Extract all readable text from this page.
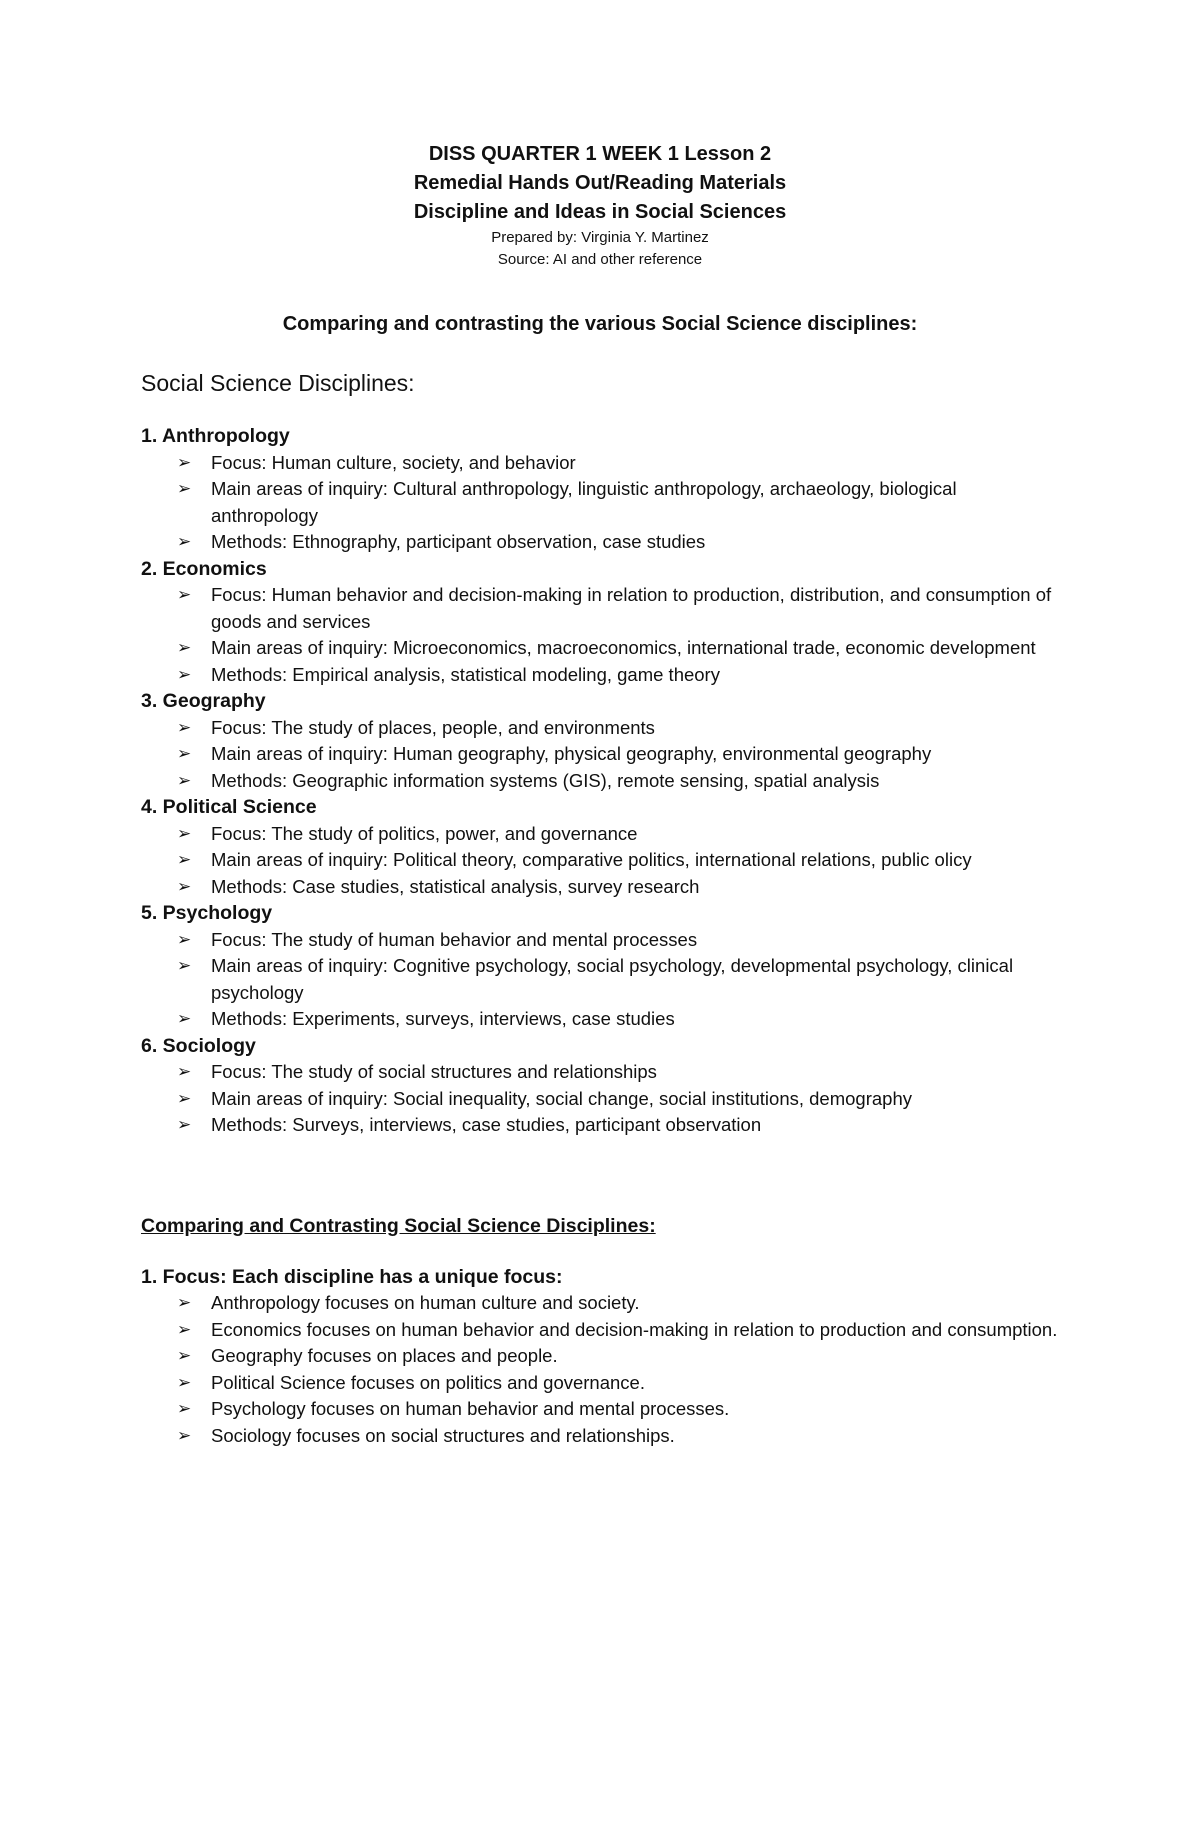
DISS QUARTER 1 WEEK 1 Lesson 2
Remedial Hands Out/Reading Materials
Discipline and Ideas in Social Sciences
Prepared by: Virginia Y. Martinez
Source: AI and other reference
Comparing and contrasting the various Social Science disciplines:
Social Science Disciplines:
1. Anthropology
➢ Focus: Human culture, society, and behavior
➢ Main areas of inquiry: Cultural anthropology, linguistic anthropology, archaeology, biological anthropology
➢ Methods: Ethnography, participant observation, case studies
2. Economics
➢ Focus: Human behavior and decision-making in relation to production, distribution, and consumption of goods and services
➢ Main areas of inquiry: Microeconomics, macroeconomics, international trade, economic development
➢ Methods: Empirical analysis, statistical modeling, game theory
3. Geography
➢ Focus: The study of places, people, and environments
➢ Main areas of inquiry: Human geography, physical geography, environmental geography
➢ Methods: Geographic information systems (GIS), remote sensing, spatial analysis
4. Political Science
➢ Focus: The study of politics, power, and governance
➢ Main areas of inquiry: Political theory, comparative politics, international relations, public olicy
➢ Methods: Case studies, statistical analysis, survey research
5. Psychology
➢ Focus: The study of human behavior and mental processes
➢ Main areas of inquiry: Cognitive psychology, social psychology, developmental psychology, clinical psychology
➢ Methods: Experiments, surveys, interviews, case studies
6. Sociology
➢ Focus: The study of social structures and relationships
➢ Main areas of inquiry: Social inequality, social change, social institutions, demography
➢ Methods: Surveys, interviews, case studies, participant observation
Comparing and Contrasting Social Science Disciplines:
1. Focus: Each discipline has a unique focus:
➢ Anthropology focuses on human culture and society.
➢ Economics focuses on human behavior and decision-making in relation to production and consumption.
➢ Geography focuses on places and people.
➢ Political Science focuses on politics and governance.
➢ Psychology focuses on human behavior and mental processes.
➢ Sociology focuses on social structures and relationships.
